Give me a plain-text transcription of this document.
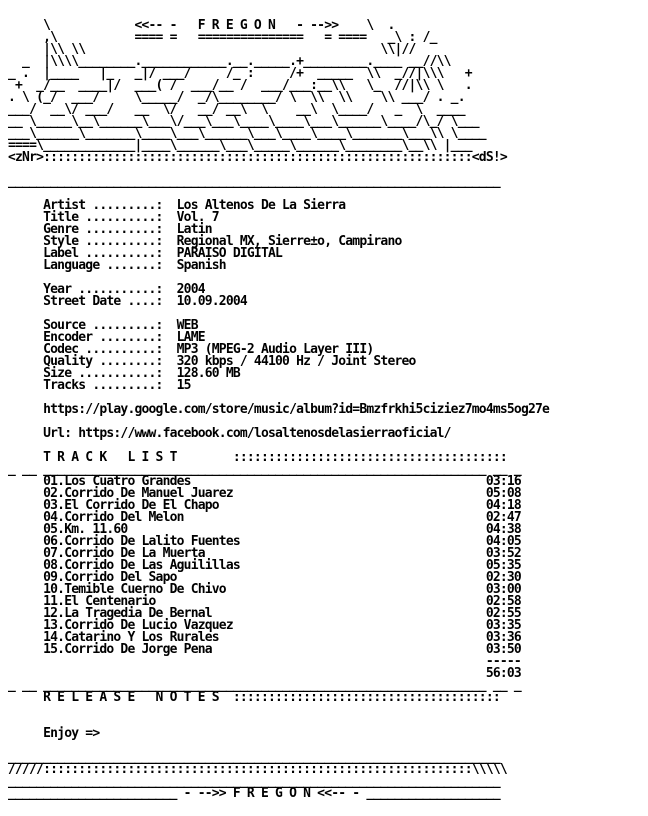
\            <<-- -   F R E G O N   - -->>    \  .
,\           ==== =   ===============   = ====   _\ : /_
|\\ \\                                          \\|//
_  |\\\\________.____________.__._____.+_________.____ __//\\
_ .  |____   |_   _|/ ___/     /_ :     /+  _____  \\  _//|\\\   +
+  _/__  ____|/  ___( /  ___/__ /  ___/___:__\\   \_  //|\\ \   .
. \ (_/  ___/     \_____/  _/\________/ \  \\  \\    \\ ___/ . _.
___/  __\/ ___/   __  \/   __/ __\  \    __\  \____/   _  \  ____
__ \_____\__\______\___\/___\___\____\____\___\______\____/\_/ \___
___\______\_______\____\___\______\___\____\____\_______\___\\ \____
====\_____________|____\______\___\_____\______\________\__\\ |___
<zNr>:::::::::::::::::::::::::::::::::::::::::::::::::::::::::::::<dS!>

______________________________________________________________________

Artist .........:  Los Altenos De La Sierra
Title ..........:  Vol. 7
Genre ..........:  Latin
Style ..........:  Regional MX, Sierre±o, Campirano
Label ..........:  PARAISO DIGITAL
Language .......:  Spanish

Year ...........:  2004
Street Date ....:  10.09.2004

Source .........:  WEB
Encoder ........:  LAME
Codec ..........:  MP3 (MPEG-2 Audio Layer III)
Quality ........:  320 kbps / 44100 Hz / Joint Stereo
Size ...........:  128.60 MB
Tracks .........:  15

https://play.google.com/store/music/album?id=Bmzfrkhi5ciziez7mo4ms5og27e

Url: https://www.facebook.com/losaltenosdelasierraoficial/

T R A C K   L I S T        :::::::::::::::::::::::::::::::::::::::
_ __ _______________________________________________________________ __ _
01.Los Cuatro Grandes                                          03:16
02.Corrido De Manuel Juarez                                    05:08
03.El Corrido De El Chapo                                      04:18
04.Corrido Del Melon                                           02:47
05.Km. 11.60                                                   04:38
06.Corrido De Lalito Fuentes                                   04:05
07.Corrido De La Muerta                                        03:52
08.Corrido De Las Aguilillas                                   05:35
09.Corrido Del Sapo                                            02:30
10.Temible Cuerno De Chivo                                     03:00
11.El Centenario                                               02:58
12.La Tragedia De Bernal                                       02:55
13.Corrido De Lucio Vazquez                                    03:35
14.Catarino Y Los Rurales                                      03:36
15.Corrido De Jorge Pena                                       03:50
-----
56:03
_ __ _______________________________________________________________ __ _
R E L E A S E   N O T E S  ::::::::::::::::::::::::::::::::::::::

Enjoy =>

______________________________________________________________________
/////:::::::::::::::::::::::::::::::::::::::::::::::::::::::::::::\\\\\
______________________________________________________________________
________________________ - -->> F R E G O N <<-- - ___________________
